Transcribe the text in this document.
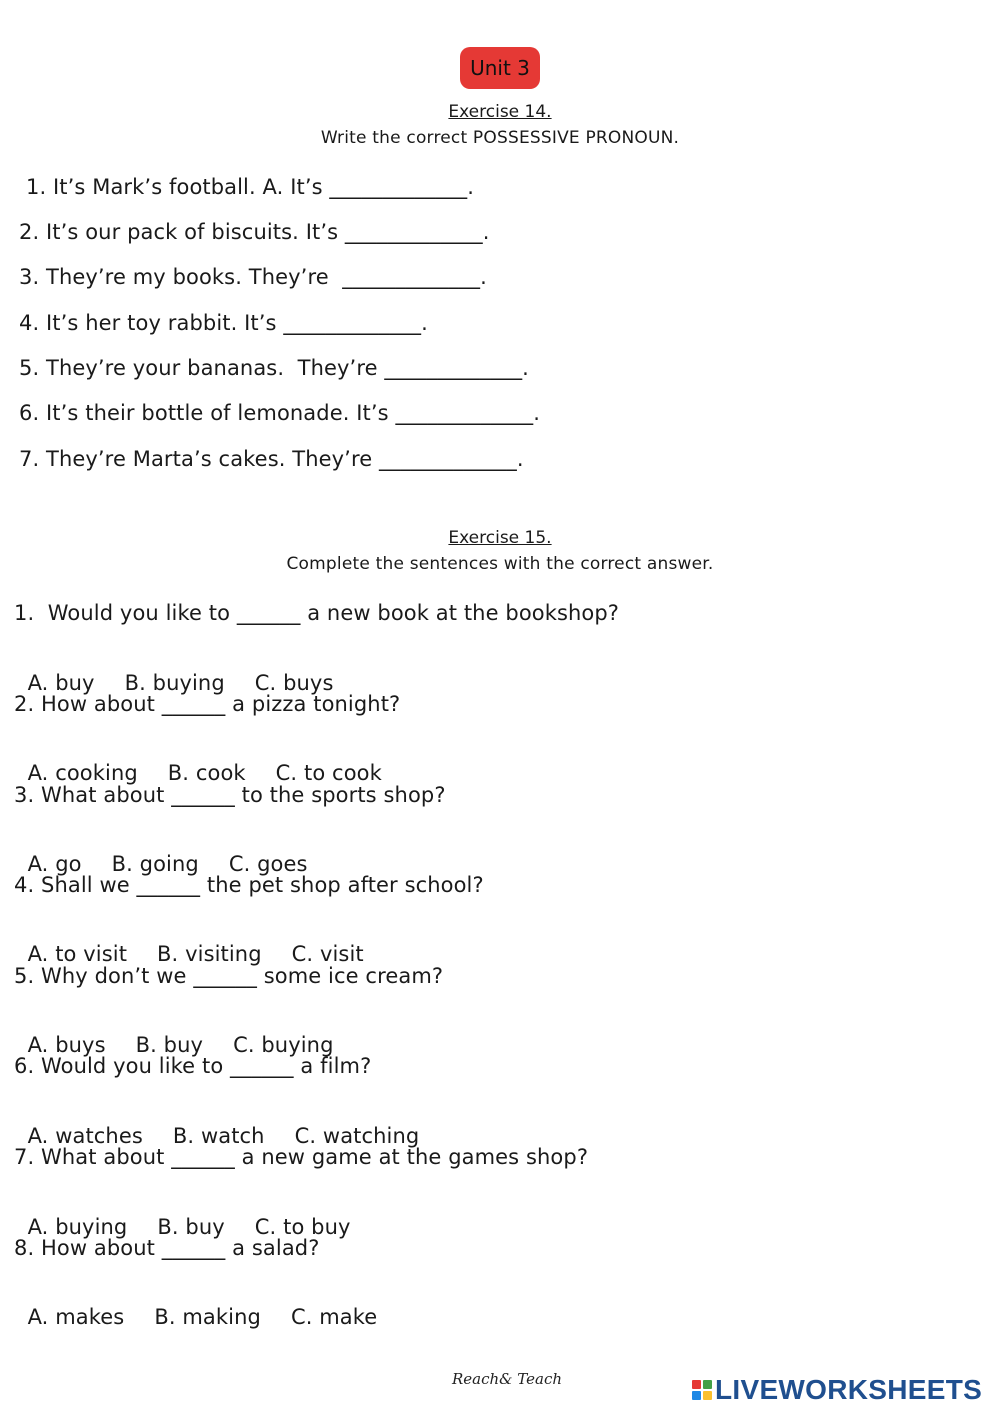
Unit 3
Exercise 14.
Write the correct POSSESSIVE PRONOUN.
1. It’s Mark’s football. A. It’s _____________.
2. It’s our pack of biscuits. It’s _____________.
3. They’re my books. They’re  _____________.
4. It’s her toy rabbit. It’s _____________.
5. They’re your bananas.  They’re _____________.
6. It’s their bottle of lemonade. It’s _____________.
7. They’re Marta’s cakes. They’re _____________.
Exercise 15.
Complete the sentences with the correct answer.
1.  Would you like to ______ a new book at the bookshop?

A. buy B. buying C. buys

2. How about ______ a pizza tonight?

A. cooking B. cook C. to cook

3. What about ______ to the sports shop?

A. go B. going C. goes

4. Shall we ______ the pet shop after school?

A. to visit B. visiting C. visit

5. Why don’t we ______ some ice cream?

A. buys B. buy C. buying

6. Would you like to ______ a film?

A. watches B. watch C. watching

7. What about ______ a new game at the games shop?

A. buying B. buy C. to buy

8. How about ______ a salad?

A. makes B. making C. make

Reach& Teach	LIVEWORKSHEETS
